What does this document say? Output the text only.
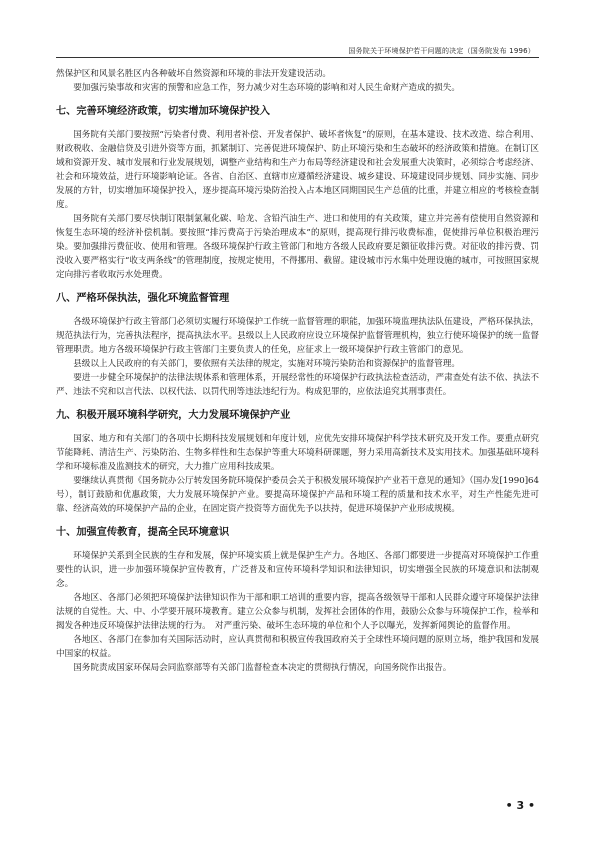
国务院关于环境保护若干问题的决定（国务院发布 1996）

然保护区和风景名胜区内各种破坏自然资源和环境的非法开发建设活动。

要加强污染事故和灾害的预警和应急工作，努力减少对生态环境的影响和对人民生命财产造成的损失。

七、完善环境经济政策，切实增加环境保护投入

国务院有关部门要按照“污染者付费、利用者补偿、开发者保护、破坏者恢复”的原则，在基本建设、技术改造、综合利用、财政税收、金融信贷及引进外资等方面，抓紧制订、完善促进环境保护、防止环境污染和生态破坏的经济政策和措施。在制订区域和资源开发、城市发展和行业发展规划，调整产业结构和生产力布局等经济建设和社会发展重大决策时，必须综合考虑经济、社会和环境效益，进行环境影响论证。各省、自治区、直辖市应遵循经济建设、城乡建设、环境建设同步规划、同步实施、同步发展的方针，切实增加环境保护投入，逐步提高环境污染防治投入占本地区同期国民生产总值的比重，并建立相应的考核检查制度。

国务院有关部门要尽快制订限制氯氟化碳、哈龙、含铅汽油生产、进口和使用的有关政策，建立并完善有偿使用自然资源和恢复生态环境的经济补偿机制。要按照“排污费高于污染治理成本”的原则，提高现行排污收费标准，促使排污单位积极治理污染。要加强排污费征收、使用和管理。各级环境保护行政主管部门和地方各级人民政府要足额征收排污费。对征收的排污费、罚没收入要严格实行“收支两条线”的管理制度，按规定使用，不得挪用、截留。建设城市污水集中处理设施的城市，可按照国家规定向排污者收取污水处理费。

八、严格环保执法，强化环境监督管理

各级环境保护行政主管部门必须切实履行环境保护工作统一监督管理的职能，加强环境监理执法队伍建设，严格环保执法，规范执法行为，完善执法程序，提高执法水平。县级以上人民政府应设立环境保护监督管理机构，独立行使环境保护的统一监督管理职责。地方各级环境保护行政主管部门主要负责人的任免，应征求上一级环境保护行政主管部门的意见。

县级以上人民政府的有关部门，要依照有关法律的规定，实施对环境污染防治和资源保护的监督管理。

要进一步健全环境保护的法律法规体系和管理体系，开展经常性的环境保护行政执法检查活动，严肃查处有法不依、执法不严、违法不究和以言代法、以权代法、以罚代刑等违法违纪行为。构成犯罪的，应依法追究其刑事责任。

九、积极开展环境科学研究，大力发展环境保护产业

国家、地方和有关部门的各项中长期科技发展规划和年度计划，应优先安排环境保护科学技术研究及开发工作。要重点研究节能降耗、清洁生产、污染防治、生物多样性和生态保护等重大环境科研课题，努力采用高新技术及实用技术。加强基础环境科学和环境标准及监测技术的研究，大力推广应用科技成果。

要继续认真贯彻《国务院办公厅转发国务院环境保护委员会关于积极发展环境保护产业若干意见的通知》（国办发[1990]64 号），制订鼓励和优惠政策，大力发展环境保护产业。要提高环境保护产品和环境工程的质量和技术水平，对生产性能先进可靠、经济高效的环境保护产品的企业，在固定资产投资等方面优先予以扶持，促进环境保护产业形成规模。

十、加强宣传教育，提高全民环境意识

环境保护关系到全民族的生存和发展，保护环境实质上就是保护生产力。各地区、各部门都要进一步提高对环境保护工作重要性的认识，进一步加强环境保护宣传教育，广泛普及和宣传环境科学知识和法律知识，切实增强全民族的环境意识和法制观念。

各地区、各部门必须把环境保护法律知识作为干部和职工培训的重要内容，提高各级领导干部和人民群众遵守环境保护法律法规的自觉性。大、中、小学要开展环境教育。建立公众参与机制，发挥社会团体的作用，鼓励公众参与环境保护工作，检举和揭发各种违反环境保护法律法规的行为。　对严重污染、破坏生态环境的单位和个人予以曝光，发挥新闻舆论的监督作用。

各地区、各部门在参加有关国际活动时，应认真贯彻和积极宣传我国政府关于全球性环境问题的原则立场，维护我国和发展中国家的权益。

国务院责成国家环保局会同监察部等有关部门监督检查本决定的贯彻执行情况，向国务院作出报告。

• 3 •
